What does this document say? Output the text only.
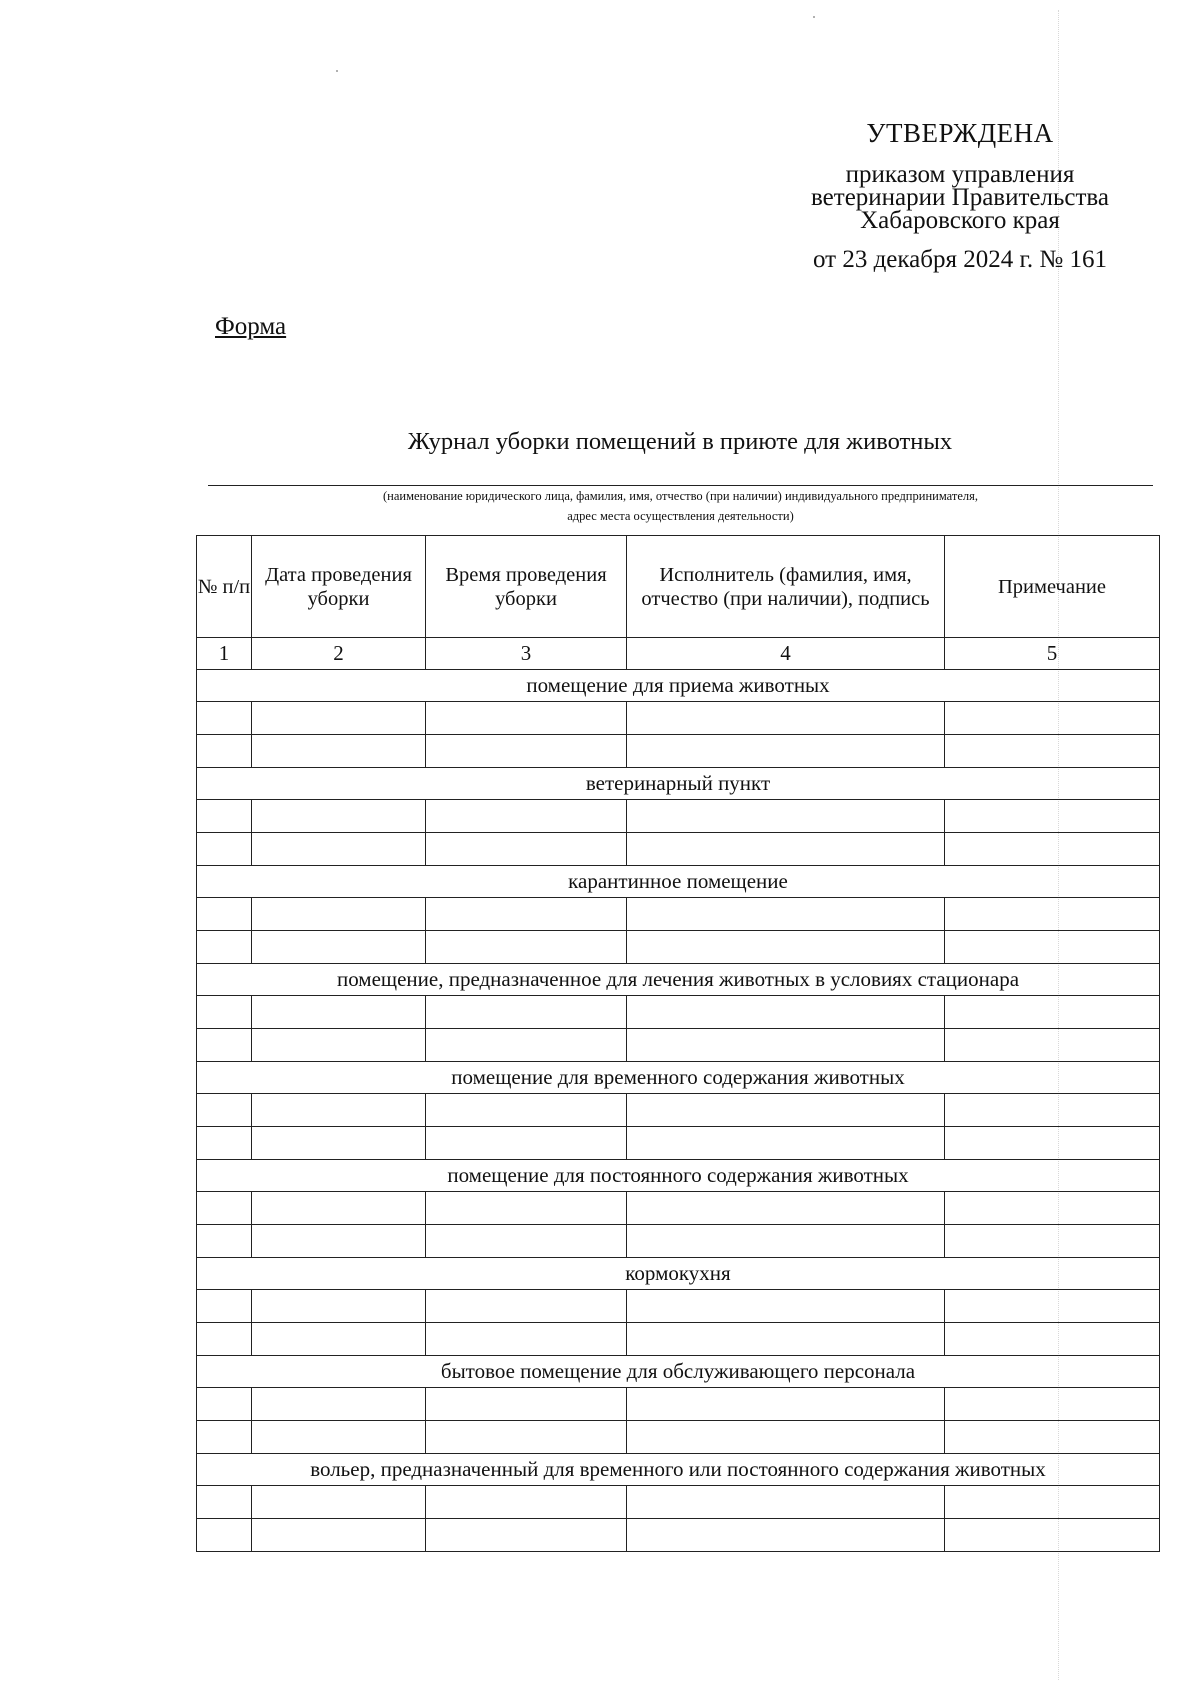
УТВЕРЖДЕНА
приказом управления
ветеринарии Правительства
Хабаровского края
от 23 декабря 2024 г. № 161
Форма
Журнал уборки помещений в приюте для животных
(наименование юридического лица, фамилия, имя, отчество (при наличии) индивидуального предпринимателя,
адрес места осуществления деятельности)
№ п/п	Дата проведения уборки	Время проведения уборки	Исполнитель (фамилия, имя, отчество (при наличии), подпись	Примечание
1	2	3	4	5
помещение для приема животных				

ветеринарный пункт				

карантинное помещение				

помещение, предназначенное для лечения животных в условиях стационара				

помещение для временного содержания животных				

помещение для постоянного содержания животных				

кормокухня				

бытовое помещение для обслуживающего персонала				

вольер, предназначенный для временного или постоянного содержания животных				
